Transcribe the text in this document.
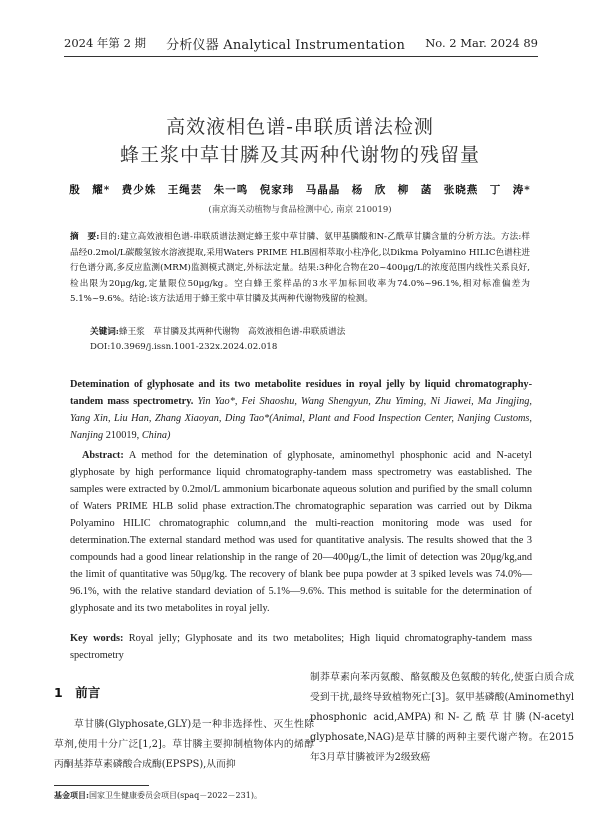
2024 年第 2 期 分析仪器 Analytical Instrumentation No. 2 Mar. 2024 89
高效液相色谱-串联质谱法检测
蜂王浆中草甘膦及其两种代谢物的残留量
殷　耀*　费少姝　王绳芸　朱一鸣　倪家玮　马晶晶　杨　欣　柳　菡　张晓燕　丁　涛*
(南京海关动植物与食品检测中心, 南京 210019)
摘　要:目的:建立高效液相色谱-串联质谱法测定蜂王浆中草甘膦、氨甲基膦酸和N-乙酰草甘膦含量的分析方法。方法:样品经0.2mol/L碳酸氢铵水溶液提取,采用Waters PRIME HLB固相萃取小柱净化,以Dikma Polyamino HILIC色谱柱进行色谱分离,多反应监测(MRM)监测模式测定,外标法定量。结果:3种化合物在20~400μg/L的浓度范围内线性关系良好,检出限为20μg/kg,定量限位50μg/kg。空白蜂王浆样品的3水平加标回收率为74.0%~96.1%,相对标准偏差为5.1%~9.6%。结论:该方法适用于蜂王浆中草甘膦及其两种代谢物残留的检测。
关键词:蜂王浆　草甘膦及其两种代谢物　高效液相色谱-串联质谱法
DOI:10.3969/j.issn.1001-232x.2024.02.018
Detemination of glyphosate and its two metabolite residues in royal jelly by liquid chromatography-tandem mass spectrometry. Yin Yao*, Fei Shaoshu, Wang Shengyun, Zhu Yiming, Ni Jiawei, Ma Jingjing, Yang Xin, Liu Han, Zhang Xiaoyan, Ding Tao*(Animal, Plant and Food Inspection Center, Nanjing Customs, Nanjing 210019, China)
Abstract: A method for the detemination of glyphosate, aminomethyl phosphonic acid and N-acetyl glyphosate by high performance liquid chromatography-tandem mass spectrometry was eastablished. The samples were extracted by 0.2mol/L ammonium bicarbonate aqueous solution and purified by the small column of Waters PRIME HLB solid phase extraction.The chromatographic separation was carried out by Dikma Polyamino HILIC chromatographic column,and the multi-reaction monitoring mode was used for determination.The external standard method was used for quantitative analysis. The results showed that the 3 compounds had a good linear relationship in the range of 20—400μg/L,the limit of detection was 20μg/kg,and the limit of quantitative was 50μg/kg. The recovery of blank bee pupa powder at 3 spiked levels was 74.0%—96.1%, with the relative standard deviation of 5.1%—9.6%. This method is suitable for the determination of glyphosate and its two metabolites in royal jelly.
Key words: Royal jelly; Glyphosate and its two metabolites; High liquid chromatography-tandem mass spectrometry
1　前言
草甘膦(Glyphosate,GLY)是一种非选择性、灭生性除草剂,使用十分广泛[1,2]。草甘膦主要抑制植物体内的烯醇丙酮基莽草素磷酸合成酶(EPSPS),从而抑
制莽草素向苯丙氨酸、酪氨酸及色氨酸的转化,使蛋白质合成受到干扰,最终导致植物死亡[3]。氨甲基磷酸(Aminomethyl phosphonic acid,AMPA)和N-乙酰草甘膦(N-acetyl glyphosate,NAG)是草甘膦的两种主要代谢产物。在2015年3月草甘膦被评为2级致癌
基金项目:国家卫生健康委员会项目(spaq－2022－231)。
